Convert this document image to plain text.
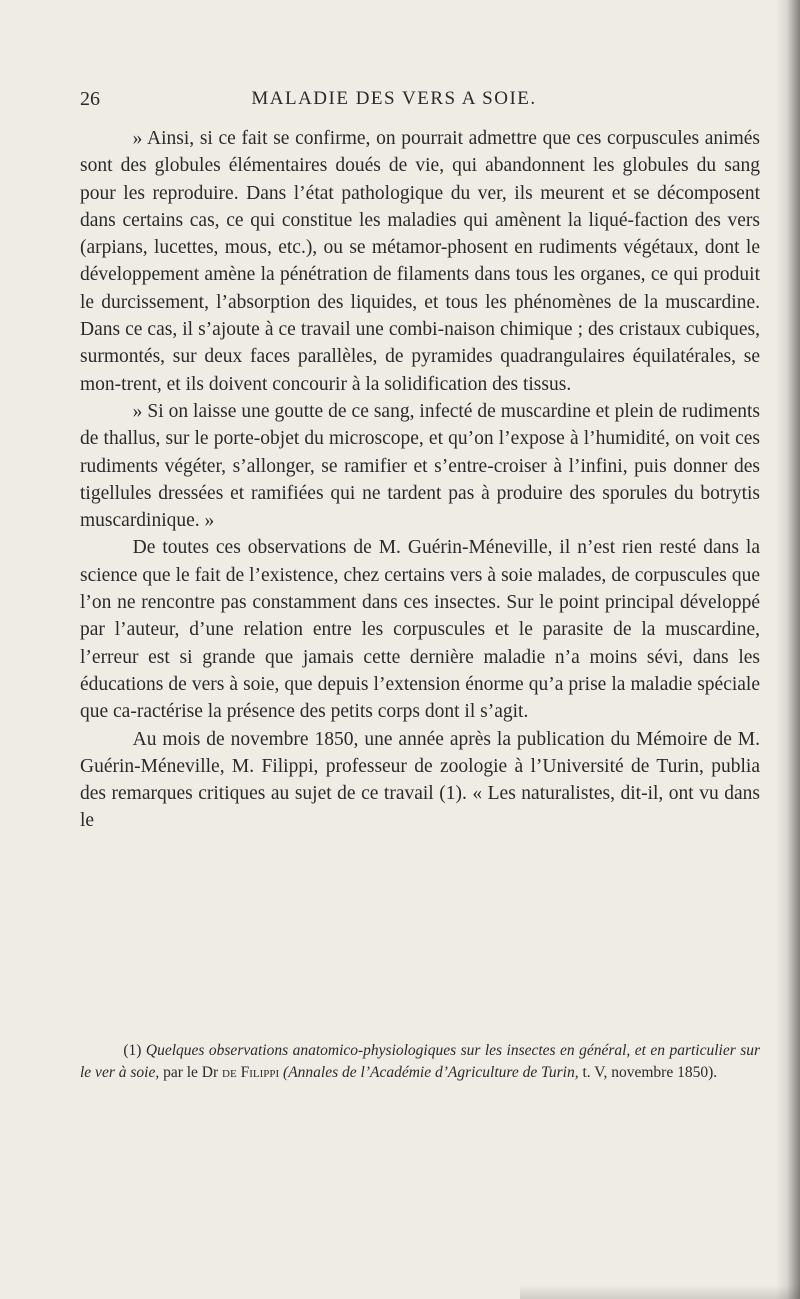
26	MALADIE DES VERS A SOIE.

» Ainsi, si ce fait se confirme, on pourrait admettre que ces corpuscules animés sont des globules élémentaires doués de vie, qui abandonnent les globules du sang pour les reproduire. Dans l’état pathologique du ver, ils meurent et se décomposent dans certains cas, ce qui constitue les maladies qui amènent la liqué-faction des vers (arpians, lucettes, mous, etc.), ou se métamor-phosent en rudiments végétaux, dont le développement amène la pénétration de filaments dans tous les organes, ce qui produit le durcissement, l’absorption des liquides, et tous les phénomènes de la muscardine. Dans ce cas, il s’ajoute à ce travail une combi-naison chimique ; des cristaux cubiques, surmontés, sur deux faces parallèles, de pyramides quadrangulaires équilatérales, se mon-trent, et ils doivent concourir à la solidification des tissus.

» Si on laisse une goutte de ce sang, infecté de muscardine et plein de rudiments de thallus, sur le porte-objet du microscope, et qu’on l’expose à l’humidité, on voit ces rudiments végéter, s’allonger, se ramifier et s’entre-croiser à l’infini, puis donner des tigellules dressées et ramifiées qui ne tardent pas à produire des sporules du botrytis muscardinique. »

De toutes ces observations de M. Guérin-Méneville, il n’est rien resté dans la science que le fait de l’existence, chez certains vers à soie malades, de corpuscules que l’on ne rencontre pas constamment dans ces insectes. Sur le point principal développé par l’auteur, d’une relation entre les corpuscules et le parasite de la muscardine, l’erreur est si grande que jamais cette dernière maladie n’a moins sévi, dans les éducations de vers à soie, que depuis l’extension énorme qu’a prise la maladie spéciale que ca-ractérise la présence des petits corps dont il s’agit.

Au mois de novembre 1850, une année après la publication du Mémoire de M. Guérin-Méneville, M. Filippi, professeur de zoologie à l’Université de Turin, publia des remarques critiques au sujet de ce travail (1). « Les naturalistes, dit-il, ont vu dans le

(1) Quelques observations anatomico-physiologiques sur les insectes en général, et en particulier sur le ver à soie, par le Dr de Filippi (Annales de l’Académie d’Agriculture de Turin, t. V, novembre 1850).
